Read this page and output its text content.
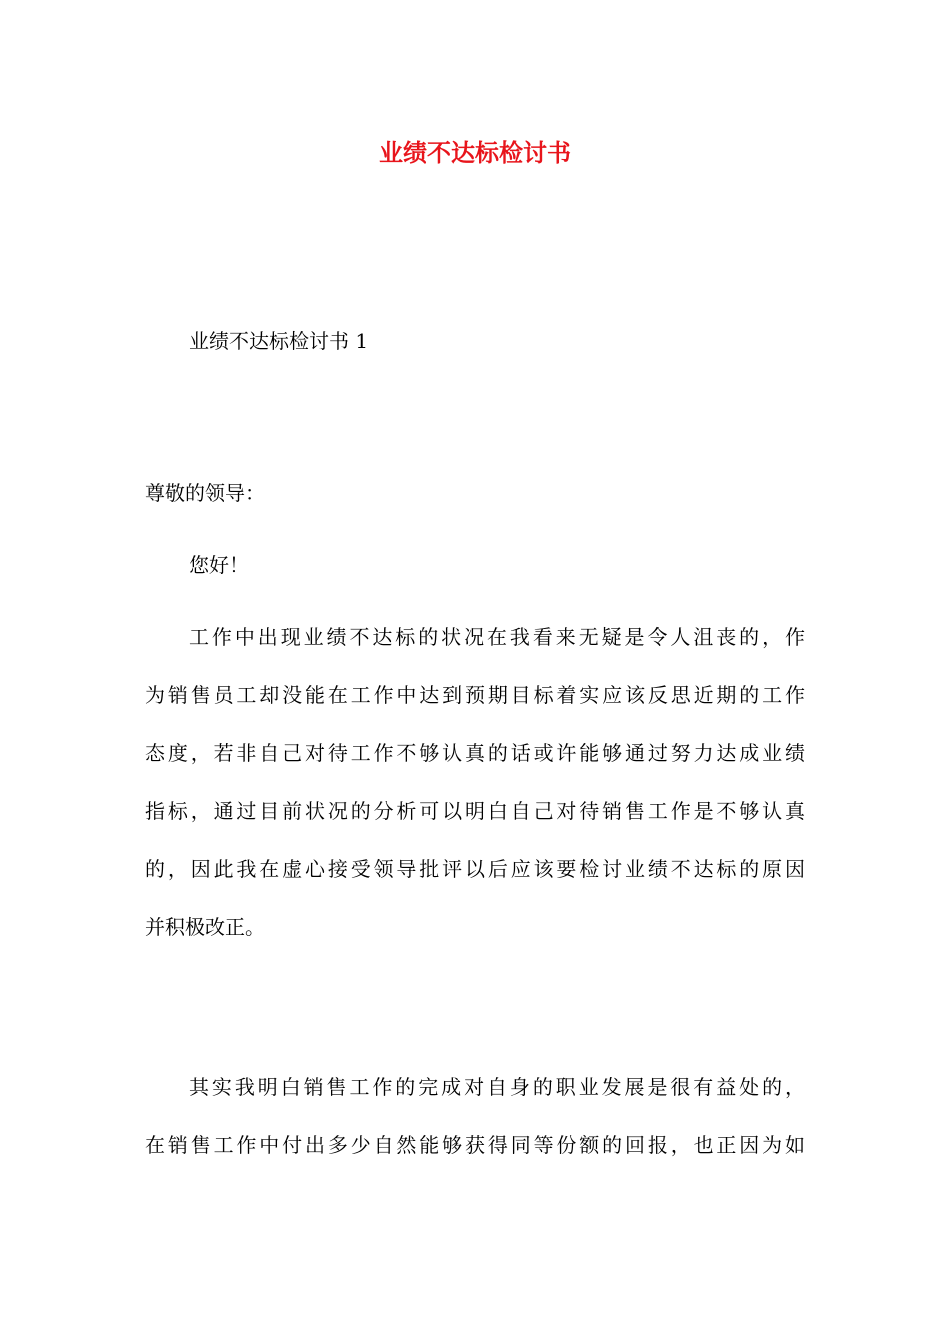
业绩不达标检讨书

业绩不达标检讨书 1

尊敬的领导：

您好！

工作中出现业绩不达标的状况在我看来无疑是令人沮丧的，作
为销售员工却没能在工作中达到预期目标着实应该反思近期的工作
态度，若非自己对待工作不够认真的话或许能够通过努力达成业绩
指标，通过目前状况的分析可以明白自己对待销售工作是不够认真
的，因此我在虚心接受领导批评以后应该要检讨业绩不达标的原因
并积极改正。
其实我明白销售工作的完成对自身的职业发展是很有益处的，
在销售工作中付出多少自然能够获得同等份额的回报，也正因为如
